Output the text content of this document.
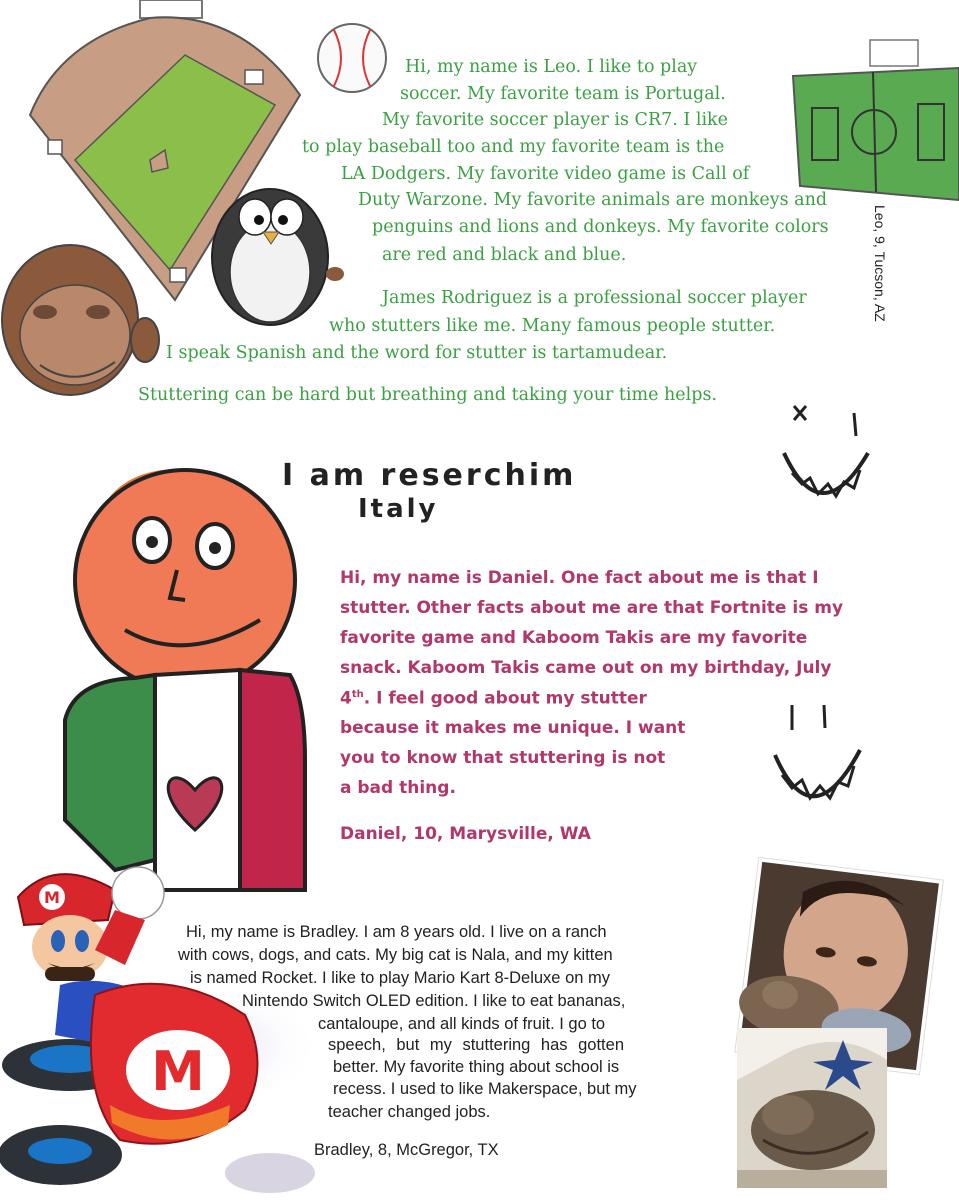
Hi, my name is Leo. I like to play
soccer. My favorite team is Portugal.
My favorite soccer player is CR7. I like
to play baseball too and my favorite team is the
LA Dodgers. My favorite video game is Call of
Duty Warzone. My favorite animals are monkeys and
penguins and lions and donkeys. My favorite colors
are red and black and blue.
James Rodriguez is a professional soccer player
who stutters like me. Many famous people stutter.
I speak Spanish and the word for stutter is tartamudear.
Stuttering can be hard but breathing and taking your time helps.
Leo, 9, Tucson, AZ
I am reserchim
Italy
Hi, my name is Daniel. One fact about me is that I
stutter. Other facts about me are that Fortnite is my
favorite game and Kaboom Takis are my favorite
snack. Kaboom Takis came out on my birthday, July
4th. I feel good about my stutter
because it makes me unique. I want
you to know that stuttering is not
a bad thing.
Daniel, 10, Marysville, WA
M
M
Hi, my name is Bradley. I am 8 years old. I live on a ranch
with cows, dogs, and cats. My big cat is Nala, and my kitten
is named Rocket. I like to play Mario Kart 8-Deluxe on my
Nintendo Switch OLED edition. I like to eat bananas,
cantaloupe, and all kinds of fruit. I go to
speech, but my stuttering has gotten
better. My favorite thing about school is
recess. I used to like Makerspace, but my
teacher changed jobs.
Bradley, 8, McGregor, TX
